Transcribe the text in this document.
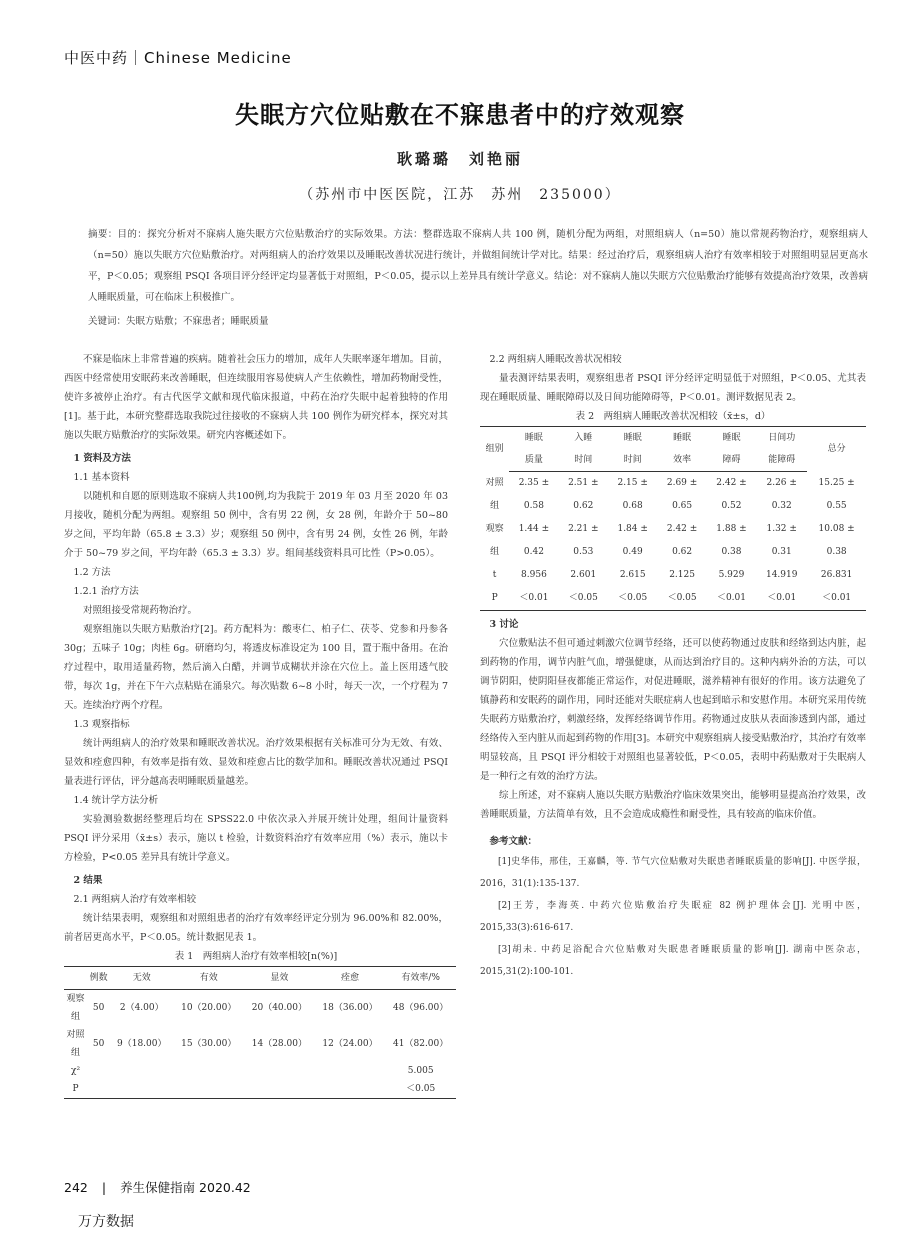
中医中药｜Chinese Medicine
失眠方穴位贴敷在不寐患者中的疗效观察
耿璐璐　刘艳丽
（苏州市中医医院，江苏　苏州　235000）
摘要：目的：探究分析对不寐病人施失眠方穴位贴敷治疗的实际效果。方法：整群选取不寐病人共 100 例，随机分配为两组，对照组病人（n=50）施以常规药物治疗，观察组病人（n=50）施以失眠方穴位贴敷治疗。对两组病人的治疗效果以及睡眠改善状况进行统计，并做组间统计学对比。结果：经过治疗后，观察组病人治疗有效率相较于对照组明显居更高水平，P＜0.05；观察组 PSQI 各项目评分经评定均显著低于对照组，P＜0.05，提示以上差异具有统计学意义。结论：对不寐病人施以失眠方穴位贴敷治疗能够有效提高治疗效果，改善病人睡眠质量，可在临床上积极推广。
关键词：失眠方贴敷；不寐患者；睡眠质量

不寐是临床上非常普遍的疾病。随着社会压力的增加，成年人失眠率逐年增加。目前，西医中经常使用安眠药来改善睡眠，但连续服用容易使病人产生依赖性，增加药物耐受性，使许多被停止治疗。有古代医学文献和现代临床报道，中药在治疗失眠中起着独特的作用[1]。基于此，本研究整群选取我院过往接收的不寐病人共 100 例作为研究样本，探究对其施以失眠方贴敷治疗的实际效果。研究内容概述如下。

1 资料及方法
1.1 基本资料

以随机和自愿的原则选取不寐病人共100例,均为我院于 2019 年 03 月至 2020 年 03 月接收，随机分配为两组。观察组 50 例中，含有男 22 例，女 28 例，年龄介于 50~80 岁之间，平均年龄（65.8 ± 3.3）岁；观察组 50 例中，含有男 24 例，女性 26 例，年龄介于 50~79 岁之间，平均年龄（65.3 ± 3.3）岁。组间基线资料具可比性（P>0.05）。

1.2 方法
1.2.1 治疗方法

对照组接受常规药物治疗。

观察组施以失眠方贴敷治疗[2]。药方配料为：酸枣仁、柏子仁、茯苓、党参和丹参各 30g；五味子 10g；肉桂 6g。研磨均匀，将透皮标准设定为 100 目，置于瓶中备用。在治疗过程中，取用适量药物，然后滴入白醋，并调节成糊状并涂在穴位上。盖上医用透气胶带，每次 1g，并在下午六点粘贴在涌泉穴。每次贴数 6~8 小时，每天一次，一个疗程为 7 天。连续治疗两个疗程。

1.3 观察指标

统计两组病人的治疗效果和睡眠改善状况。治疗效果根据有关标准可分为无效、有效、显效和痊愈四种，有效率是指有效、显效和痊愈占比的数学加和。睡眠改善状况通过 PSQI 量表进行评估，评分越高表明睡眠质量越差。

1.4 统计学方法分析

实验测验数据经整理后均在 SPSS22.0 中依次录入并展开统计处理，组间计量资料 PSQI 评分采用（x̄±s）表示，施以 t 检验，计数资料治疗有效率应用（%）表示，施以卡方检验，P<0.05 差异具有统计学意义。

2 结果
2.1 两组病人治疗有效率相较

统计结果表明，观察组和对照组患者的治疗有效率经评定分别为 96.00%和 82.00%，前者居更高水平，P＜0.05。统计数据见表 1。

表 1　两组病人治疗有效率相较[n(%)]
	例数	无效	有效	显效	痊愈	有效率/%
观察
组	50	2（4.00）	10（20.00）	20（40.00）	18（36.00）	48（96.00）
对照
组	50	9（18.00）	15（30.00）	14（28.00）	12（24.00）	41（82.00）
χ²						5.005
P						＜0.05
2.2 两组病人睡眠改善状况相较

量表测评结果表明，观察组患者 PSQI 评分经评定明显低于对照组，P＜0.05、尤其表现在睡眠质量、睡眠障碍以及日间功能障碍等，P＜0.01。测评数据见表 2。

表 2　两组病人睡眠改善状况相较（x̄±s，d）
组别	睡眠	入睡	睡眠	睡眠	睡眠	日间功	总分
	质量	时间	时间	效率	障碍	能障碍	
对照	2.35 ±	2.51 ±	2.15 ±	2.69 ±	2.42 ±	2.26 ±	15.25 ±
组	0.58	0.62	0.68	0.65	0.52	0.32	0.55
观察	1.44 ±	2.21 ±	1.84 ±	2.42 ±	1.88 ±	1.32 ±	10.08 ±
组	0.42	0.53	0.49	0.62	0.38	0.31	0.38
t	8.956	2.601	2.615	2.125	5.929	14.919	26.831
P	＜0.01	＜0.05	＜0.05	＜0.05	＜0.01	＜0.01	＜0.01
3 讨论

穴位敷贴法不但可通过刺激穴位调节经络，还可以使药物通过皮肤和经络到达内脏，起到药物的作用，调节内脏气血，增强健康，从而达到治疗目的。这种内病外治的方法，可以调节阴阳，使阴阳昼夜都能正常运作，对促进睡眠，滋养精神有很好的作用。该方法避免了镇静药和安眠药的副作用，同时还能对失眠症病人也起到暗示和安慰作用。本研究采用传统失眠药方贴敷治疗，刺激经络，发挥经络调节作用。药物通过皮肤从表面渗透到内部，通过经络传入至内脏从而起到药物的作用[3]。本研究中观察组病人接受贴敷治疗，其治疗有效率明显较高，且 PSQI 评分相较于对照组也显著较低，P＜0.05，表明中药贴敷对于失眠病人是一种行之有效的治疗方法。

综上所述，对不寐病人施以失眠方贴敷治疗临床效果突出，能够明显提高治疗效果，改善睡眠质量，方法简单有效，且不会造成成瘾性和耐受性，具有较高的临床价值。

参考文献：

[1]史华伟，邢佳，王嘉麟，等. 节气穴位贴敷对失眠患者睡眠质量的影响[J]. 中医学报，2016，31(1):135-137.

[2]王芳，李海英. 中药穴位贴敷治疗失眠症 82 例护理体会[J]. 光明中医，2015,33(3):616-617.

[3]胡未. 中药足浴配合穴位贴敷对失眠患者睡眠质量的影响[J]. 湖南中医杂志，2015,31(2):100-101.

242 | 养生保健指南 2020.42
万方数据
